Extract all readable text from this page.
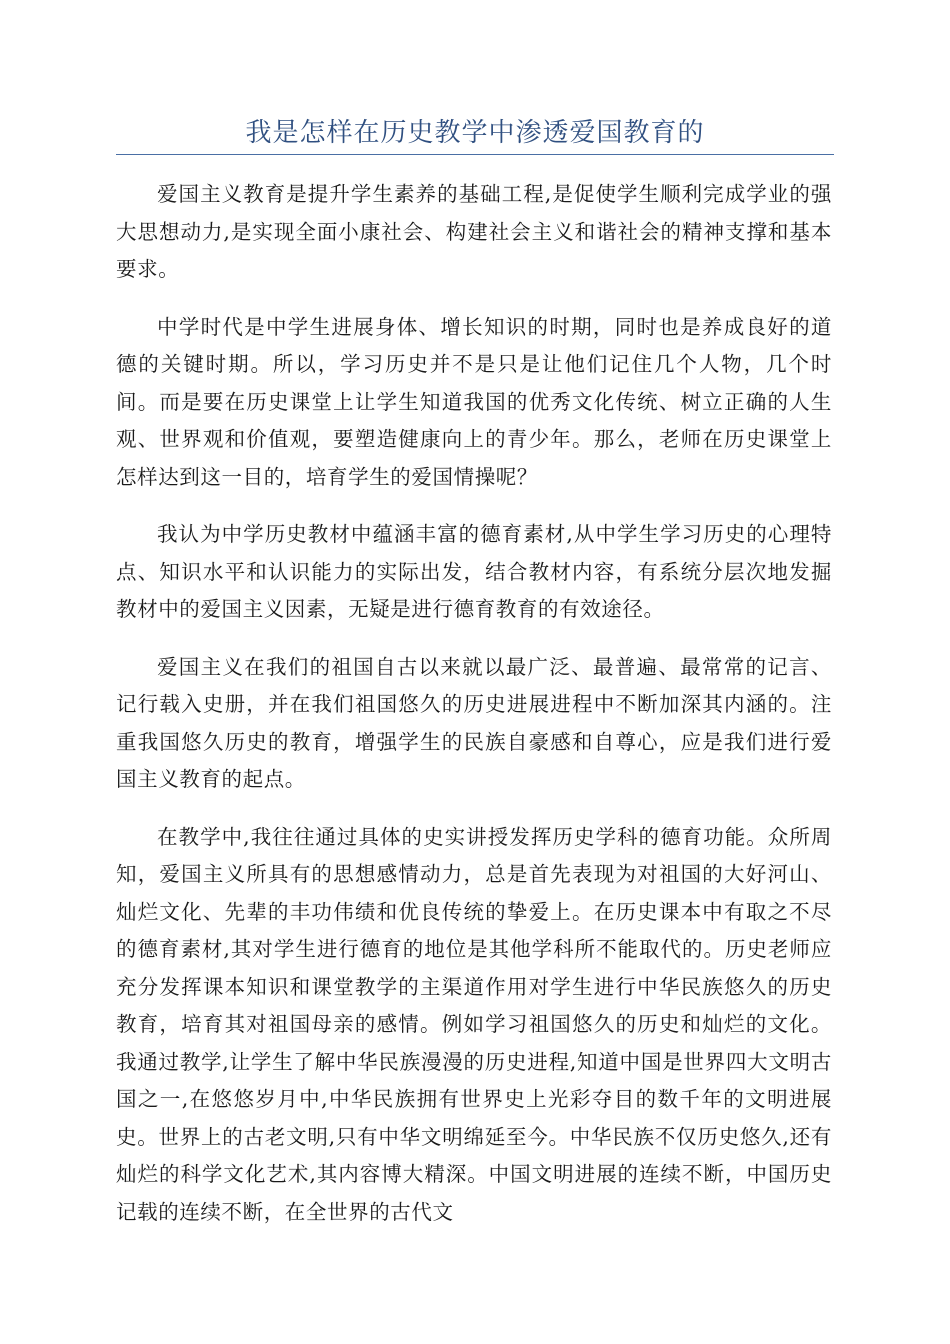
我是怎样在历史教学中渗透爱国教育的

爱国主义教育是提升学生素养的基础工程,是促使学生顺利完成学业的强大思想动力,是实现全面小康社会、构建社会主义和谐社会的精神支撑和基本要求。

中学时代是中学生进展身体、增长知识的时期，同时也是养成良好的道德的关键时期。所以，学习历史并不是只是让他们记住几个人物，几个时间。而是要在历史课堂上让学生知道我国的优秀文化传统、树立正确的人生观、世界观和价值观，要塑造健康向上的青少年。那么，老师在历史课堂上怎样达到这一目的，培育学生的爱国情操呢？

我认为中学历史教材中蕴涵丰富的德育素材,从中学生学习历史的心理特点、知识水平和认识能力的实际出发，结合教材内容，有系统分层次地发掘教材中的爱国主义因素，无疑是进行德育教育的有效途径。

爱国主义在我们的祖国自古以来就以最广泛、最普遍、最常常的记言、记行载入史册，并在我们祖国悠久的历史进展进程中不断加深其内涵的。注重我国悠久历史的教育，增强学生的民族自豪感和自尊心，应是我们进行爱国主义教育的起点。

在教学中,我往往通过具体的史实讲授发挥历史学科的德育功能。众所周知，爱国主义所具有的思想感情动力，总是首先表现为对祖国的大好河山、灿烂文化、先辈的丰功伟绩和优良传统的挚爱上。在历史课本中有取之不尽的德育素材,其对学生进行德育的地位是其他学科所不能取代的。历史老师应充分发挥课本知识和课堂教学的主渠道作用对学生进行中华民族悠久的历史教育，培育其对祖国母亲的感情。例如学习祖国悠久的历史和灿烂的文化。我通过教学,让学生了解中华民族漫漫的历史进程,知道中国是世界四大文明古国之一,在悠悠岁月中,中华民族拥有世界史上光彩夺目的数千年的文明进展史。世界上的古老文明,只有中华文明绵延至今。中华民族不仅历史悠久,还有灿烂的科学文化艺术,其内容博大精深。中国文明进展的连续不断，中国历史记载的连续不断，在全世界的古代文
